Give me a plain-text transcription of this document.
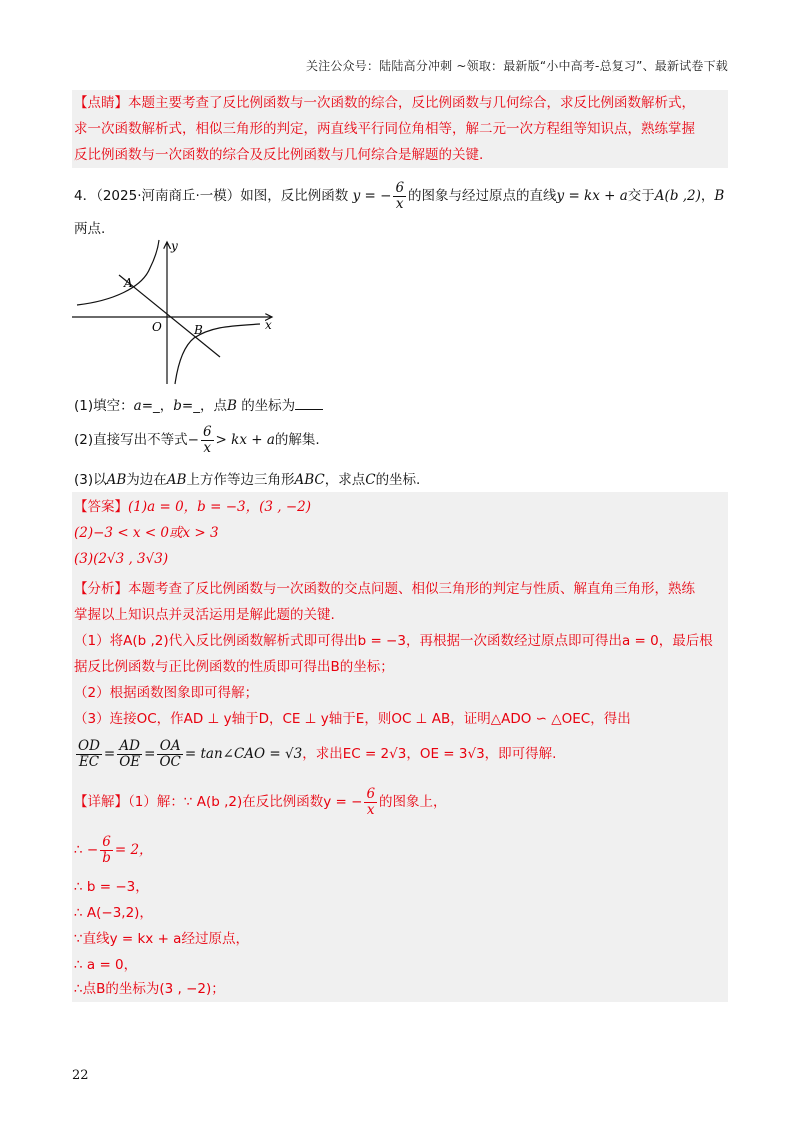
关注公众号：陆陆高分冲刺 ~领取：最新版“小中高考-总复习”、最新试卷下载
【点睛】本题主要考查了反比例函数与一次函数的综合，反比例函数与几何综合，求反比例函数解析式，
求一次函数解析式，相似三角形的判定，两直线平行同位角相等，解二元一次方程组等知识点，熟练掌握
反比例函数与一次函数的综合及反比例函数与几何综合是解题的关键.
4．（2025·河南商丘·一模）如图，反比例函数 y = − $\frac{6}{x}$ 的图象与经过原点的直线y = kx + a交于A(b ,2)，B
两点.
y
x
O
A
B
(1)填空：a=_，b=_，点B 的坐标为
(2)直接写出不等式− $\frac{6}{x}$ > kx + a的解集.
(3)以AB为边在AB上方作等边三角形ABC，求点C的坐标.
【答案】(1)a = 0，b = −3，(3 , −2)
(2)−3 < x < 0或x > 3
(3)(2√3 , 3√3)
【分析】本题考查了反比例函数与一次函数的交点问题、相似三角形的判定与性质、解直角三角形，熟练
掌握以上知识点并灵活运用是解此题的关键.
（1）将A(b ,2)代入反比例函数解析式即可得出b = −3，再根据一次函数经过原点即可得出a = 0，最后根
据反比例函数与正比例函数的性质即可得出B的坐标；
（2）根据函数图象即可得解；
（3）连接OC，作AD ⊥ y轴于D，CE ⊥ y轴于E，则OC ⊥ AB，证明△ADO ∽ △OEC，得出
$\frac{OD}{EC} = \frac{AD}{OE} = \frac{OA}{OC}$ = tan∠CAO = √3，求出EC = 2√3，OE = 3√3，即可得解.
【详解】（1）解：∵ A(b ,2)在反比例函数y = − $\frac{6}{x}$ 的图象上，
∴ − $\frac{6}{b} = 2$，
∴ b = −3，
∴ A(−3,2)，
∵直线y = kx + a经过原点，
∴ a = 0，
∴点B的坐标为(3 , −2)；
22
